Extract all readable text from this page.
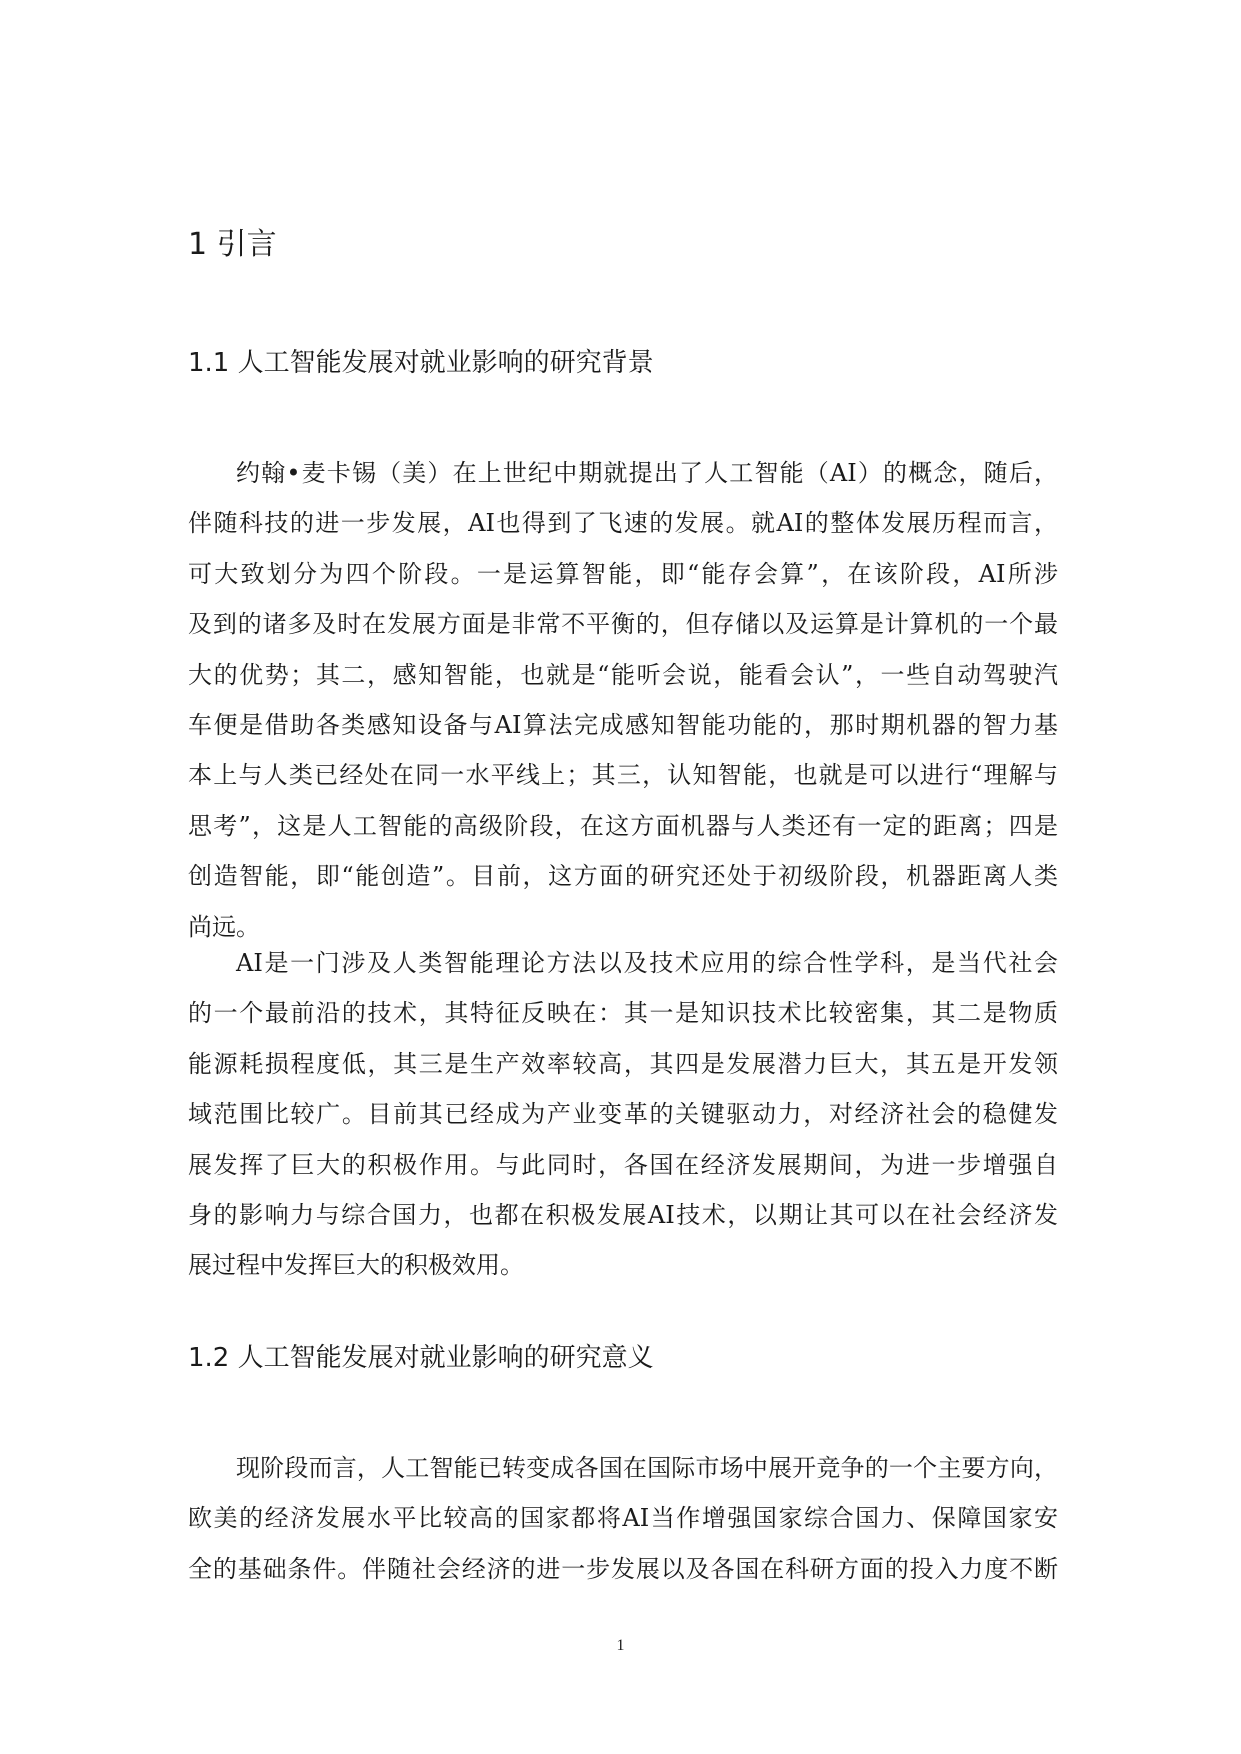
1 引言
1.1 人工智能发展对就业影响的研究背景
约翰•麦卡锡（美）在上世纪中期就提出了人工智能（AI）的概念，随后，
伴随科技的进一步发展，AI也得到了飞速的发展。就AI的整体发展历程而言，
可大致划分为四个阶段。一是运算智能，即“能存会算”，在该阶段，AI所涉
及到的诸多及时在发展方面是非常不平衡的，但存储以及运算是计算机的一个最
大的优势；其二，感知智能，也就是“能听会说，能看会认”，一些自动驾驶汽
车便是借助各类感知设备与AI算法完成感知智能功能的，那时期机器的智力基
本上与人类已经处在同一水平线上；其三，认知智能，也就是可以进行“理解与
思考”，这是人工智能的高级阶段，在这方面机器与人类还有一定的距离；四是
创造智能，即“能创造”。目前，这方面的研究还处于初级阶段，机器距离人类
尚远。
AI是一门涉及人类智能理论方法以及技术应用的综合性学科，是当代社会
的一个最前沿的技术，其特征反映在：其一是知识技术比较密集，其二是物质
能源耗损程度低，其三是生产效率较高，其四是发展潜力巨大，其五是开发领
域范围比较广。目前其已经成为产业变革的关键驱动力，对经济社会的稳健发
展发挥了巨大的积极作用。与此同时，各国在经济发展期间，为进一步增强自
身的影响力与综合国力，也都在积极发展AI技术，以期让其可以在社会经济发
展过程中发挥巨大的积极效用。
1.2 人工智能发展对就业影响的研究意义
现阶段而言，人工智能已转变成各国在国际市场中展开竞争的一个主要方向，
欧美的经济发展水平比较高的国家都将AI当作增强国家综合国力、保障国家安
全的基础条件。伴随社会经济的进一步发展以及各国在科研方面的投入力度不断
1
